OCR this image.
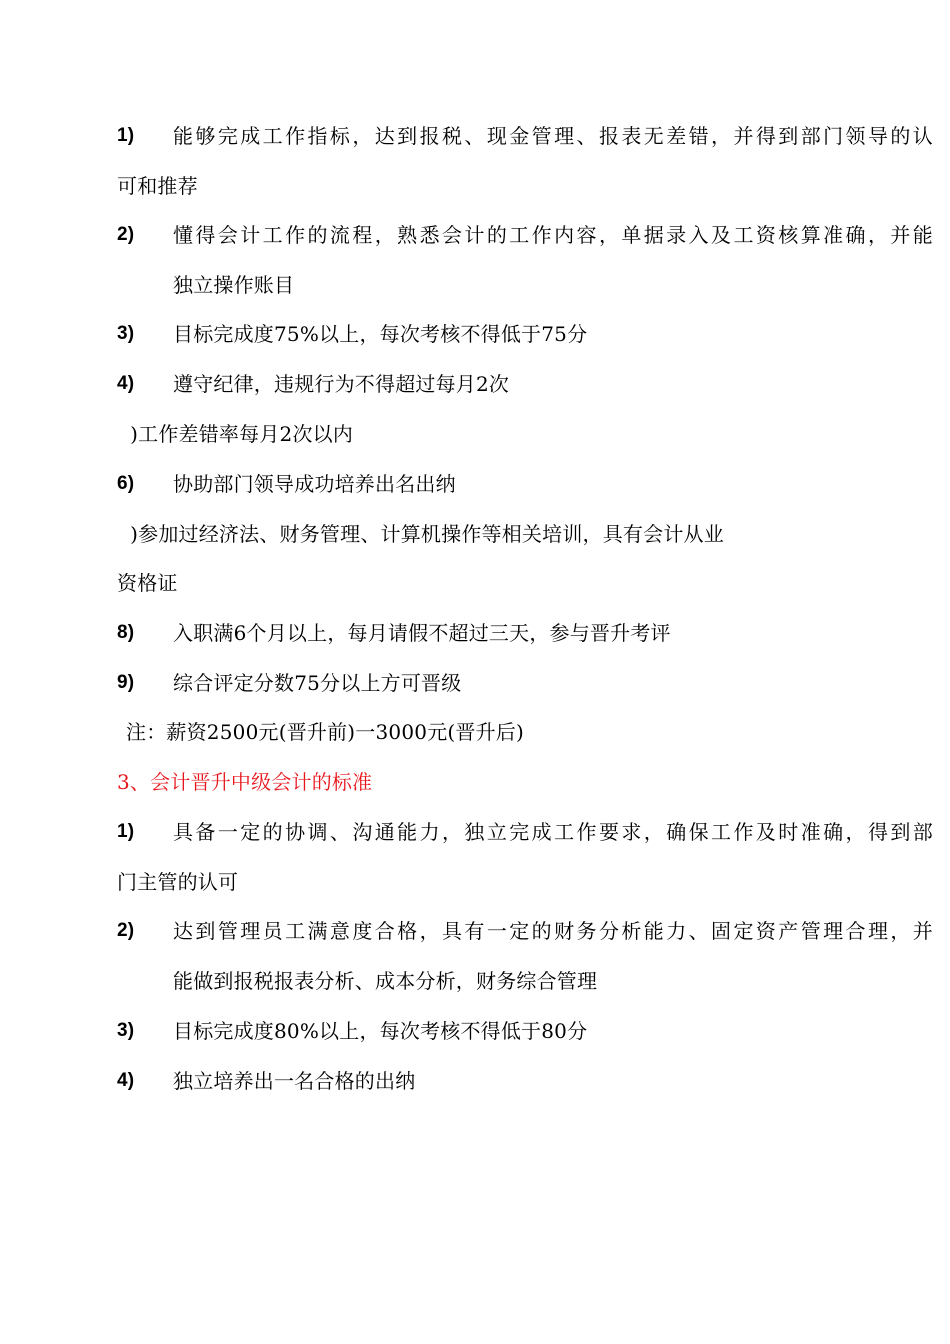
1) 能够完成工作指标，达到报税、现金管理、报表无差错，并得到部门领导的认
可和推荐
2) 懂得会计工作的流程，熟悉会计的工作内容，单据录入及工资核算准确，并能
独立操作账目
3) 目标完成度75%以上，每次考核不得低于75分
4) 遵守纪律，违规行为不得超过每月2次
)工作差错率每月2次以内
6) 协助部门领导成功培养出名出纳
)参加过经济法、财务管理、计算机操作等相关培训，具有会计从业
资格证
8) 入职满6个月以上，每月请假不超过三天，参与晋升考评
9) 综合评定分数75分以上方可晋级
注：薪资2500元(晋升前)一3000元(晋升后)
3、会计晋升中级会计的标准
1) 具备一定的协调、沟通能力，独立完成工作要求，确保工作及时准确，得到部
门主管的认可
2) 达到管理员工满意度合格，具有一定的财务分析能力、固定资产管理合理，并
能做到报税报表分析、成本分析，财务综合管理
3) 目标完成度80%以上，每次考核不得低于80分
4) 独立培养出一名合格的出纳
